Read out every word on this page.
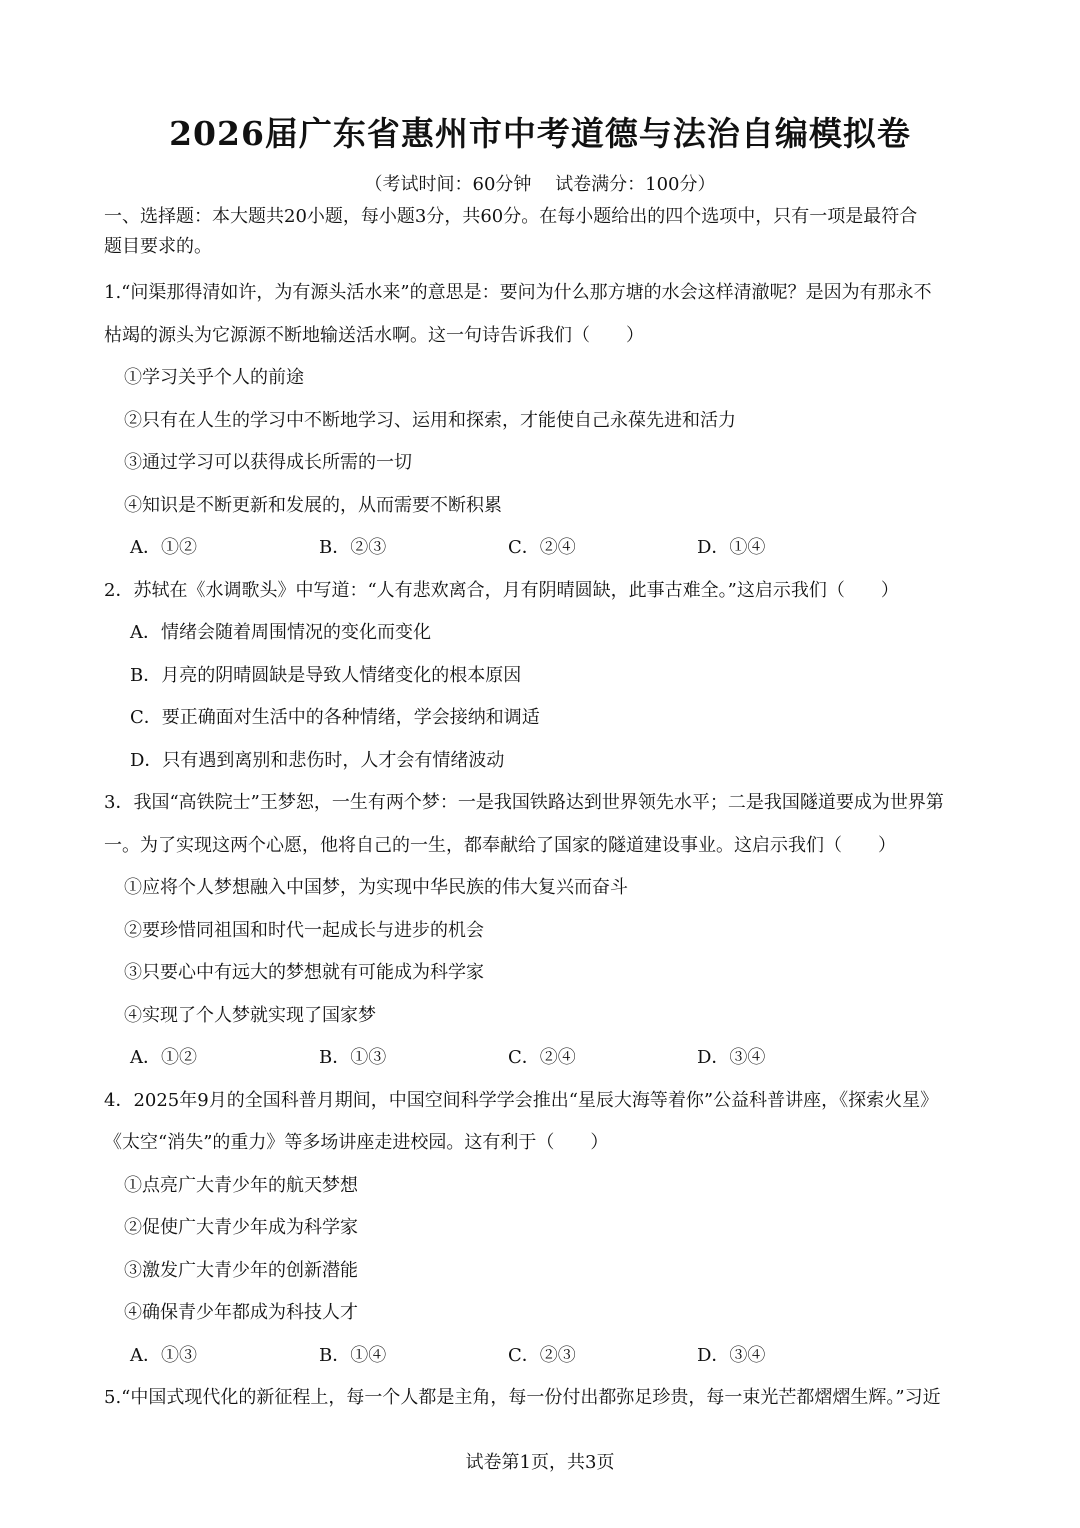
2026届广东省惠州市中考道德与法治自编模拟卷
（考试时间：60分钟　 试卷满分：100分）
一、选择题：本大题共20小题，每小题3分，共60分。在每小题给出的四个选项中，只有一项是最符合
题目要求的。
1.“问渠那得清如许，为有源头活水来”的意思是：要问为什么那方塘的水会这样清澈呢？是因为有那永不
枯竭的源头为它源源不断地输送活水啊。这一句诗告诉我们（　　）
①学习关乎个人的前途
②只有在人生的学习中不断地学习、运用和探索，才能使自己永葆先进和活力
③通过学习可以获得成长所需的一切
④知识是不断更新和发展的，从而需要不断积累
A．①②	B．②③	C．②④	D．①④
2．苏轼在《水调歌头》中写道：“人有悲欢离合，月有阴晴圆缺，此事古难全。”这启示我们（　　）
A．情绪会随着周围情况的变化而变化
B．月亮的阴晴圆缺是导致人情绪变化的根本原因
C．要正确面对生活中的各种情绪，学会接纳和调适
D．只有遇到离别和悲伤时，人才会有情绪波动
3．我国“高铁院士”王梦恕，一生有两个梦：一是我国铁路达到世界领先水平；二是我国隧道要成为世界第
一。为了实现这两个心愿，他将自己的一生，都奉献给了国家的隧道建设事业。这启示我们（　　）
①应将个人梦想融入中国梦，为实现中华民族的伟大复兴而奋斗
②要珍惜同祖国和时代一起成长与进步的机会
③只要心中有远大的梦想就有可能成为科学家
④实现了个人梦就实现了国家梦
A．①②	B．①③	C．②④	D．③④
4．2025年9月的全国科普月期间，中国空间科学学会推出“星辰大海等着你”公益科普讲座，《探索火星》
《太空“消失”的重力》等多场讲座走进校园。这有利于（　　）
①点亮广大青少年的航天梦想
②促使广大青少年成为科学家
③激发广大青少年的创新潜能
④确保青少年都成为科技人才
A．①③	B．①④	C．②③	D．③④
5.“中国式现代化的新征程上，每一个人都是主角，每一份付出都弥足珍贵，每一束光芒都熠熠生辉。”习近
试卷第1页，共3页
